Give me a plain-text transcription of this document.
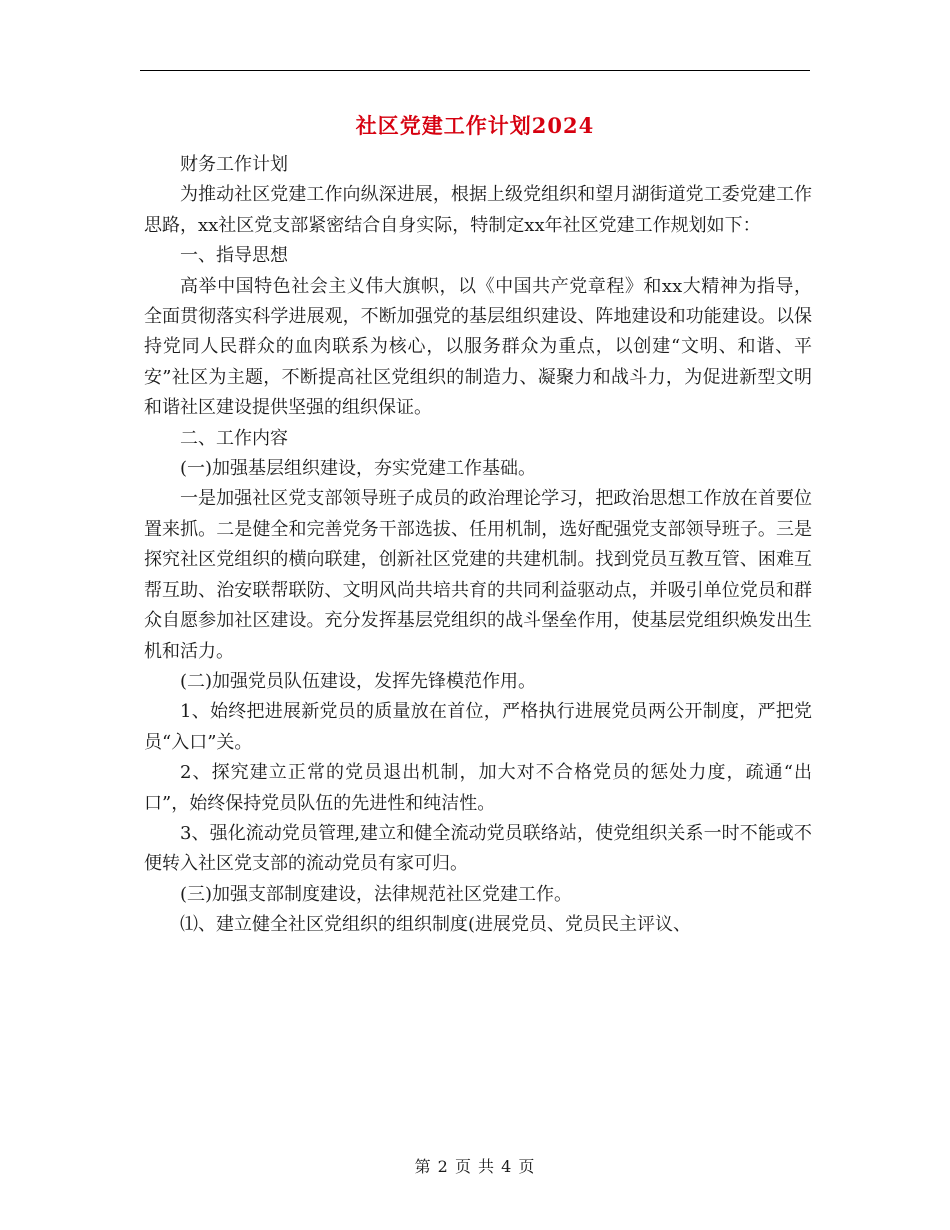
社区党建工作计划2024

财务工作计划

为推动社区党建工作向纵深进展，根据上级党组织和望月湖街道党工委党建工作思路，xx社区党支部紧密结合自身实际，特制定xx年社区党建工作规划如下：

一、指导思想

高举中国特色社会主义伟大旗帜，以《中国共产党章程》和xx大精神为指导，全面贯彻落实科学进展观，不断加强党的基层组织建设、阵地建设和功能建设。以保持党同人民群众的血肉联系为核心，以服务群众为重点，以创建“文明、和谐、平安”社区为主题，不断提高社区党组织的制造力、凝聚力和战斗力，为促进新型文明和谐社区建设提供坚强的组织保证。

二、工作内容

(一)加强基层组织建设，夯实党建工作基础。

一是加强社区党支部领导班子成员的政治理论学习，把政治思想工作放在首要位置来抓。二是健全和完善党务干部选拔、任用机制，选好配强党支部领导班子。三是探究社区党组织的横向联建，创新社区党建的共建机制。找到党员互教互管、困难互帮互助、治安联帮联防、文明风尚共培共育的共同利益驱动点，并吸引单位党员和群众自愿参加社区建设。充分发挥基层党组织的战斗堡垒作用，使基层党组织焕发出生机和活力。

(二)加强党员队伍建设，发挥先锋模范作用。

1、始终把进展新党员的质量放在首位，严格执行进展党员两公开制度，严把党员“入口”关。

2、探究建立正常的党员退出机制，加大对不合格党员的惩处力度，疏通“出口”，始终保持党员队伍的先进性和纯洁性。

3、强化流动党员管理,建立和健全流动党员联络站，使党组织关系一时不能或不便转入社区党支部的流动党员有家可归。

(三)加强支部制度建设，法律规范社区党建工作。

⑴、建立健全社区党组织的组织制度(进展党员、党员民主评议、

第 2 页 共 4 页
